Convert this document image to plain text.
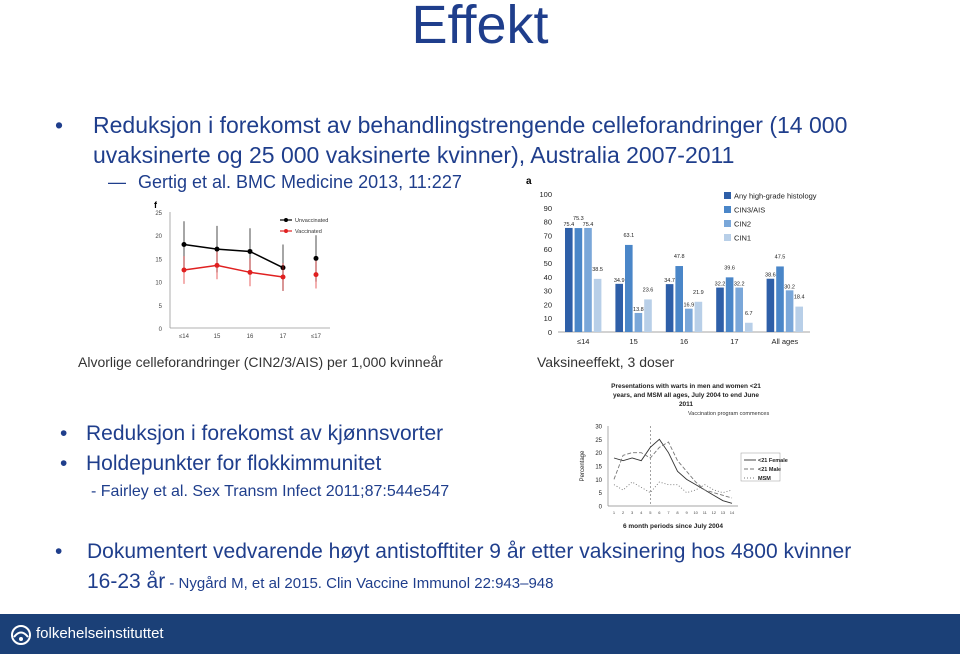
Effekt
• Reduksjon i forekomst av behandlingstrengende celleforandringer (14 000 uvaksinerte og 25 000 vaksinerte kvinner), Australia 2007-2011
— Gertig et al. BMC Medicine 2013, 11:227
f
0
5
10
15
20
25
≤14	15	16	17	≤17
Unvaccinated
Vaccinated
a
0
10
20
30
40
50
60
70
80
90
100
≤14
75.4
75.3
75.4
38.5
15
34.9
63.1
13.8
23.6
16
34.7
47.8
16.9
21.9
17
32.2
39.6
32.2
6.7
All ages
38.6
47.5
30.2
18.4
Any high-grade histology
CIN3/AIS
CIN2
CIN1
Alvorlige celleforandringer (CIN2/3/AIS) per 1,000 kvinneår	Vaksineeffekt, 3 doser
• Reduksjon i forekomst av kjønnsvorter
• Holdepunkter for flokkimmunitet
- Fairley et al. Sex Transm Infect 2011;87:544e547
Presentations with warts in men and women <21
years, and MSM all ages, July 2004 to end June
2011
Vaccination program commences
0
5
10
15
20
25
30
1 2 3 4 5 6 7 8 9 10 11 12 13 14
Percentage
6 month periods since July 2004
<21 Female
<21 Male
MSM
• Dokumentert vedvarende høyt antistofftiter 9 år etter vaksinering hos 4800 kvinner 16-23 år - Nygård M, et al 2015. Clin Vaccine Immunol 22:943–948
folkehelseinstituttet
